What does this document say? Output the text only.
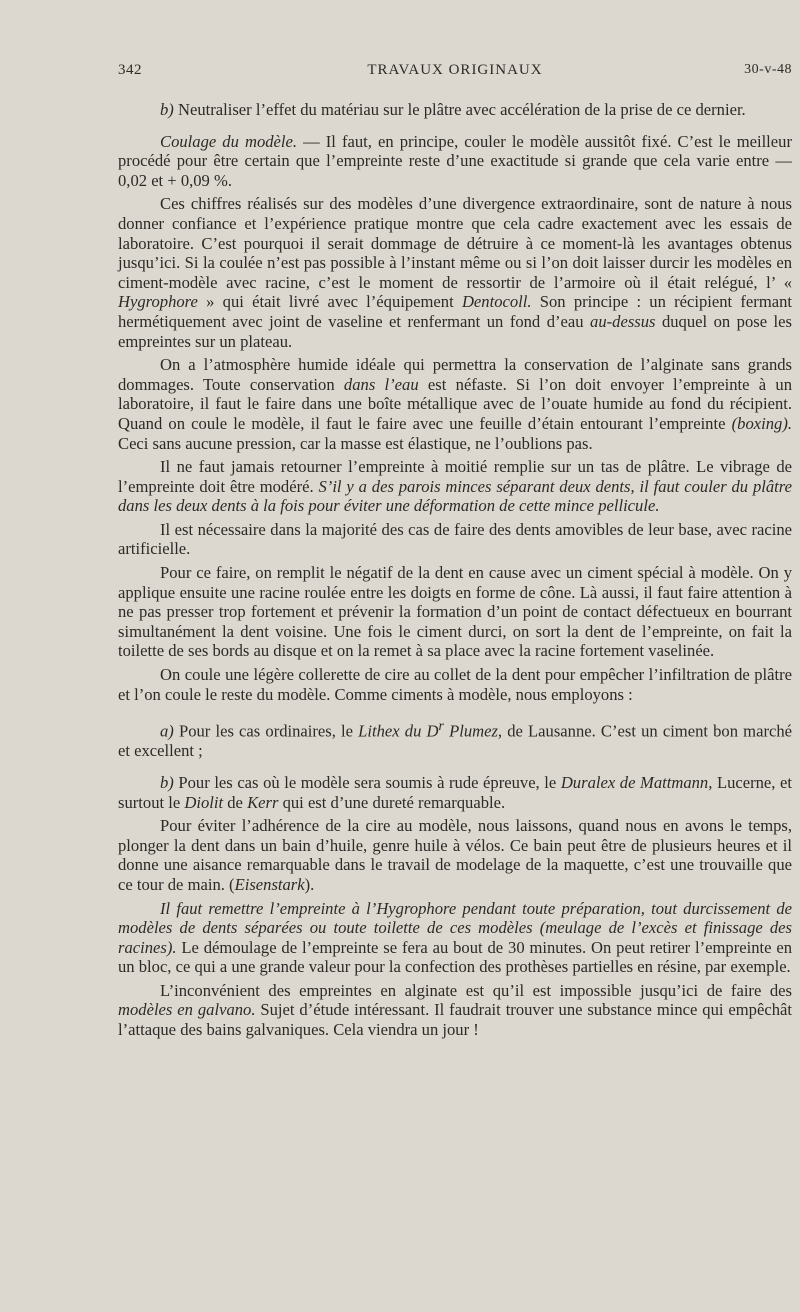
342	TRAVAUX ORIGINAUX	30-v-48

b) Neutraliser l’effet du matériau sur le plâtre avec accélération de la prise de ce dernier.

Coulage du modèle. — Il faut, en principe, couler le modèle aussitôt fixé. C’est le meilleur procédé pour être certain que l’empreinte reste d’une exactitude si grande que cela varie entre — 0,02 et + 0,09 %.

Ces chiffres réalisés sur des modèles d’une divergence extraordinaire, sont de nature à nous donner confiance et l’expérience pratique montre que cela cadre exactement avec les essais de laboratoire. C’est pourquoi il serait dommage de détruire à ce moment-là les avantages obtenus jusqu’ici. Si la coulée n’est pas possible à l’instant même ou si l’on doit laisser durcir les modèles en ciment-modèle avec racine, c’est le moment de ressortir de l’armoire où il était relégué, l’ « Hygrophore » qui était livré avec l’équipement Dentocoll. Son principe : un récipient fermant hermétiquement avec joint de vaseline et renfermant un fond d’eau au-dessus duquel on pose les empreintes sur un plateau.

On a l’atmosphère humide idéale qui permettra la conservation de l’alginate sans grands dommages. Toute conservation dans l’eau est néfaste. Si l’on doit envoyer l’empreinte à un laboratoire, il faut le faire dans une boîte métallique avec de l’ouate humide au fond du récipient. Quand on coule le modèle, il faut le faire avec une feuille d’étain entourant l’empreinte (boxing). Ceci sans aucune pression, car la masse est élastique, ne l’oublions pas.

Il ne faut jamais retourner l’empreinte à moitié remplie sur un tas de plâtre. Le vibrage de l’empreinte doit être modéré. S’il y a des parois minces séparant deux dents, il faut couler du plâtre dans les deux dents à la fois pour éviter une déformation de cette mince pellicule.

Il est nécessaire dans la majorité des cas de faire des dents amovibles de leur base, avec racine artificielle.

Pour ce faire, on remplit le négatif de la dent en cause avec un ciment spécial à modèle. On y applique ensuite une racine roulée entre les doigts en forme de cône. Là aussi, il faut faire attention à ne pas presser trop fortement et prévenir la formation d’un point de contact défectueux en bourrant simultanément la dent voisine. Une fois le ciment durci, on sort la dent de l’empreinte, on fait la toilette de ses bords au disque et on la remet à sa place avec la racine fortement vaselinée.

On coule une légère collerette de cire au collet de la dent pour empêcher l’infiltration de plâtre et l’on coule le reste du modèle. Comme ciments à modèle, nous employons :

a) Pour les cas ordinaires, le Lithex du $D^r$ Plumez, de Lausanne. C’est un ciment bon marché et excellent ;

b) Pour les cas où le modèle sera soumis à rude épreuve, le Duralex de Mattmann, Lucerne, et surtout le Diolit de Kerr qui est d’une dureté remarquable.

Pour éviter l’adhérence de la cire au modèle, nous laissons, quand nous en avons le temps, plonger la dent dans un bain d’huile, genre huile à vélos. Ce bain peut être de plusieurs heures et il donne une aisance remarquable dans le travail de modelage de la maquette, c’est une trouvaille que ce tour de main. (Eisenstark).

Il faut remettre l’empreinte à l’Hygrophore pendant toute préparation, tout durcissement de modèles de dents séparées ou toute toilette de ces modèles (meulage de l’excès et finissage des racines). Le démoulage de l’empreinte se fera au bout de 30 minutes. On peut retirer l’empreinte en un bloc, ce qui a une grande valeur pour la confection des prothèses partielles en résine, par exemple.

L’inconvénient des empreintes en alginate est qu’il est impossible jusqu’ici de faire des modèles en galvano. Sujet d’étude intéressant. Il faudrait trouver une substance mince qui empêchât l’attaque des bains galvaniques. Cela viendra un jour !
